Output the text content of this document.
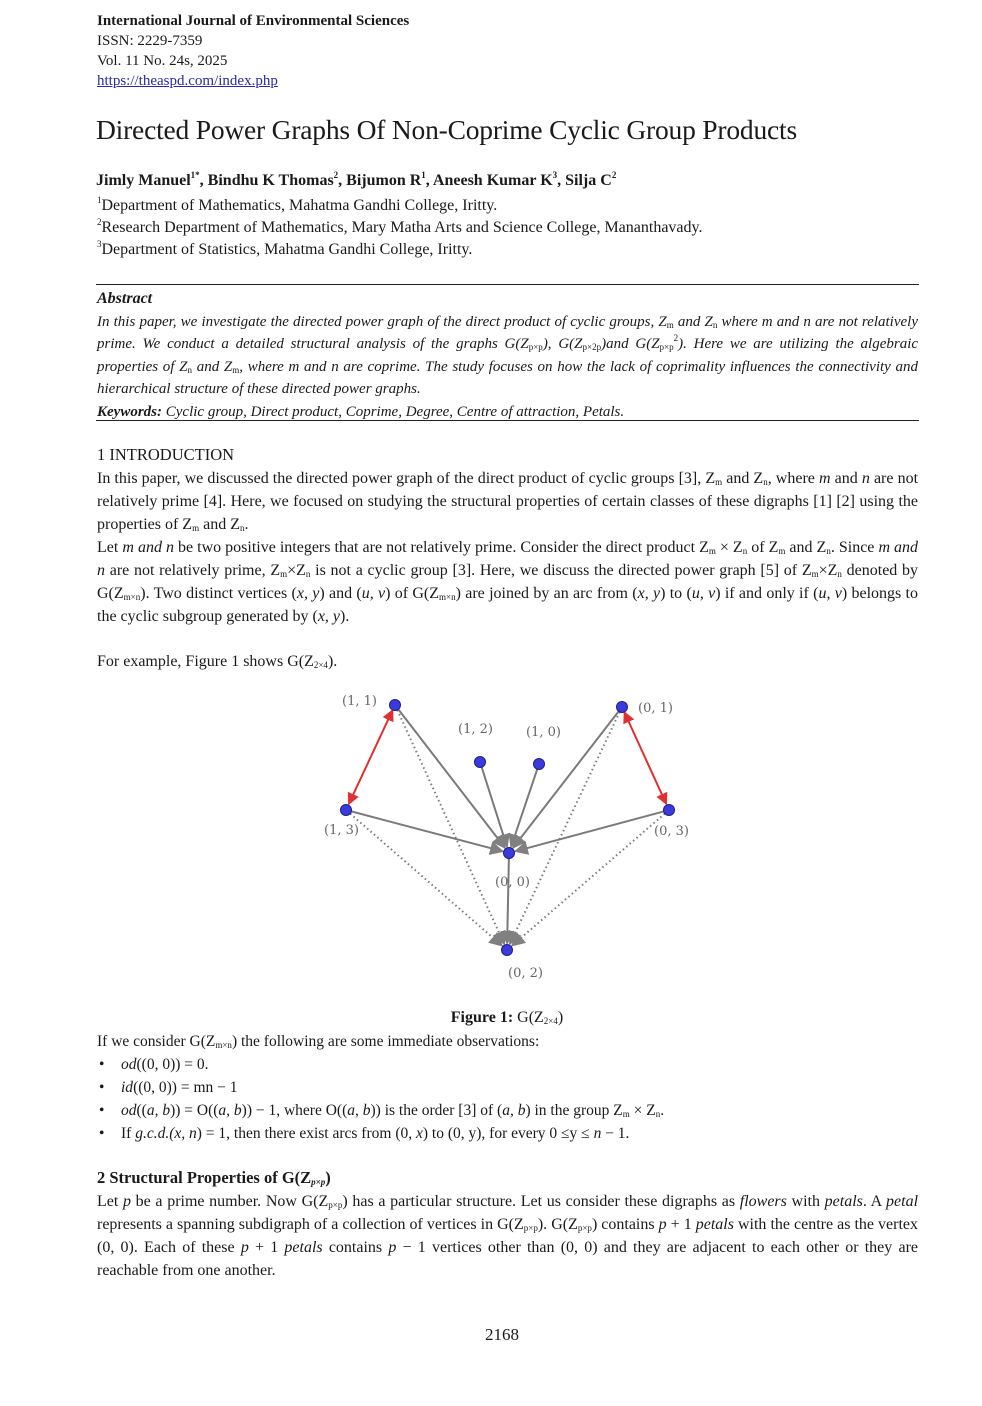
International Journal of Environmental Sciences
ISSN: 2229-7359
Vol. 11 No. 24s, 2025
https://theaspd.com/index.php
Directed Power Graphs Of Non-Coprime Cyclic Group Products
Jimly Manuel$^{1*}$, Bindhu K Thomas$^2$, Bijumon $R^1$, Aneesh Kumar $K^3$, Silja $C^2$
$^1$Department of Mathematics, Mahatma Gandhi College, Iritty.
$^2$Research Department of Mathematics, Mary Matha Arts and Science College, Mananthavady.
$^3$Department of Statistics, Mahatma Gandhi College, Iritty.
Abstract

In this paper, we investigate the directed power graph of the direct product of cyclic groups, $Z_m$ and $Z_n$ where m and n are not relatively prime. We conduct a detailed structural analysis of the graphs $G(Z_{p\times p})$, $G(Z_{p\times 2p})and$ $G(Z_{p\times p}^2)$. Here we are utilizing the algebraic properties of $Z_n$ and $Z_m$, where m and n are coprime. The study focuses on how the lack of coprimality influences the connectivity and hierarchical structure of these directed power graphs.

Keywords: Cyclic group, Direct product, Coprime, Degree, Centre of attraction, Petals.
1 INTRODUCTION

In this paper, we discussed the directed power graph of the direct product of cyclic groups [3], $Z_m$ and $Z_n$, where m and n are not relatively prime [4]. Here, we focused on studying the structural properties of certain classes of these digraphs [1] [2] using the properties of $Z_m$ and $Z_n$.

Let m and n be two positive integers that are not relatively prime. Consider the direct product $Z_m \times Z_n$ of $Z_m$ and $Z_n$. Since m and n are not relatively prime, $Z_m\times Z_n$ is not a cyclic group [3]. Here, we discuss the directed power graph [5] of $Z_m\times Z_n$ denoted by $G(Z_{m\times n})$. Two distinct vertices (x, y) and (u, v) of $G(Z_{m\times n})$ are joined by an arc from (x, y) to (u, v) if and only if (u, v) belongs to the cyclic subgroup generated by (x, y).

For example, Figure 1 shows $G(Z_{2\times 4})$.

(1, 1)
(1, 2)	(1, 0)
(0, 1)
(1, 3)	(0, 3)
(0, 0)
(0, 2)
Figure 1: $G(Z_{2\times 4})$
If we consider $G(Z_{m\times n})$ the following are some immediate observations:
• od((0, 0)) = 0.
• id((0, 0)) = mn − 1
• od((a, b)) = O((a, b)) − 1, where O((a, b)) is the order [3] of (a, b) in the group $Z_m \times Z_n$.
• If g.c.d.(x, n) = 1, then there exist arcs from (0, x) to (0, y), for every 0 ≤y ≤ n − 1.
2 Structural Properties of $G(Z_{p\times p})$

Let p be a prime number. Now $G(Z_{p\times p})$ has a particular structure. Let us consider these digraphs as flowers with petals. A petal represents a spanning subdigraph of a collection of vertices in $G(Z_{p\times p})$. $G(Z_{p\times p})$ contains p + 1 petals with the centre as the vertex (0, 0). Each of these p + 1 petals contains p − 1 vertices other than (0, 0) and they are adjacent to each other or they are reachable from one another.

2168
